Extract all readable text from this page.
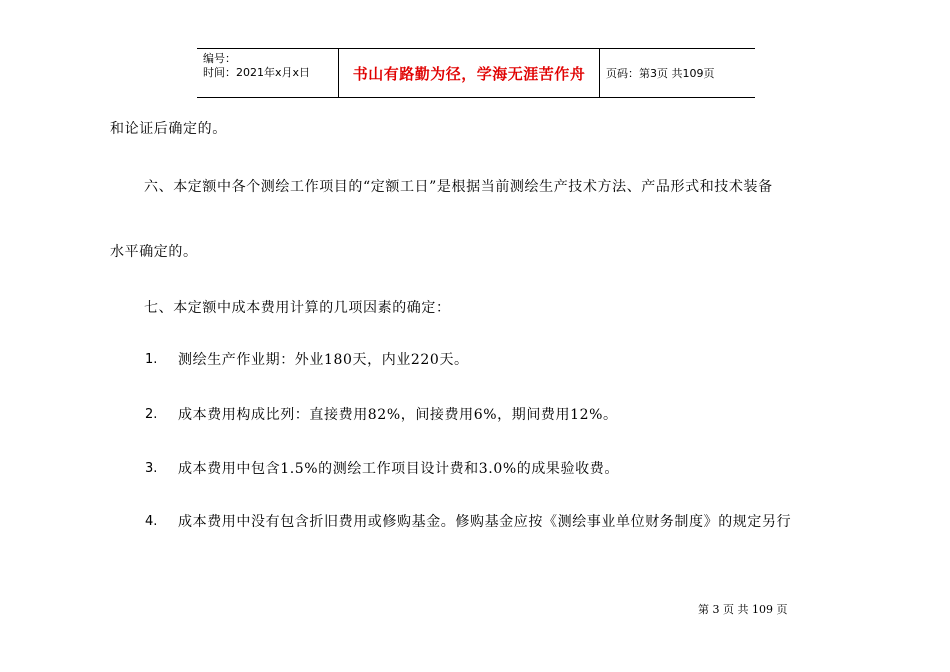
编号：
时间：2021年x月x日	书山有路勤为径，学海无涯苦作舟 页码：第3页 共109页
和论证后确定的。
六、本定额中各个测绘工作项目的“定额工日”是根据当前测绘生产技术方法、产品形式和技术装备
水平确定的。
七、本定额中成本费用计算的几项因素的确定：
1. 测绘生产作业期：外业180天，内业220天。
2. 成本费用构成比列：直接费用82%，间接费用6%，期间费用12%。
3. 成本费用中包含1.5%的测绘工作项目设计费和3.0%的成果验收费。
4. 成本费用中没有包含折旧费用或修购基金。修购基金应按《测绘事业单位财务制度》的规定另行
第 3 页 共 109 页
